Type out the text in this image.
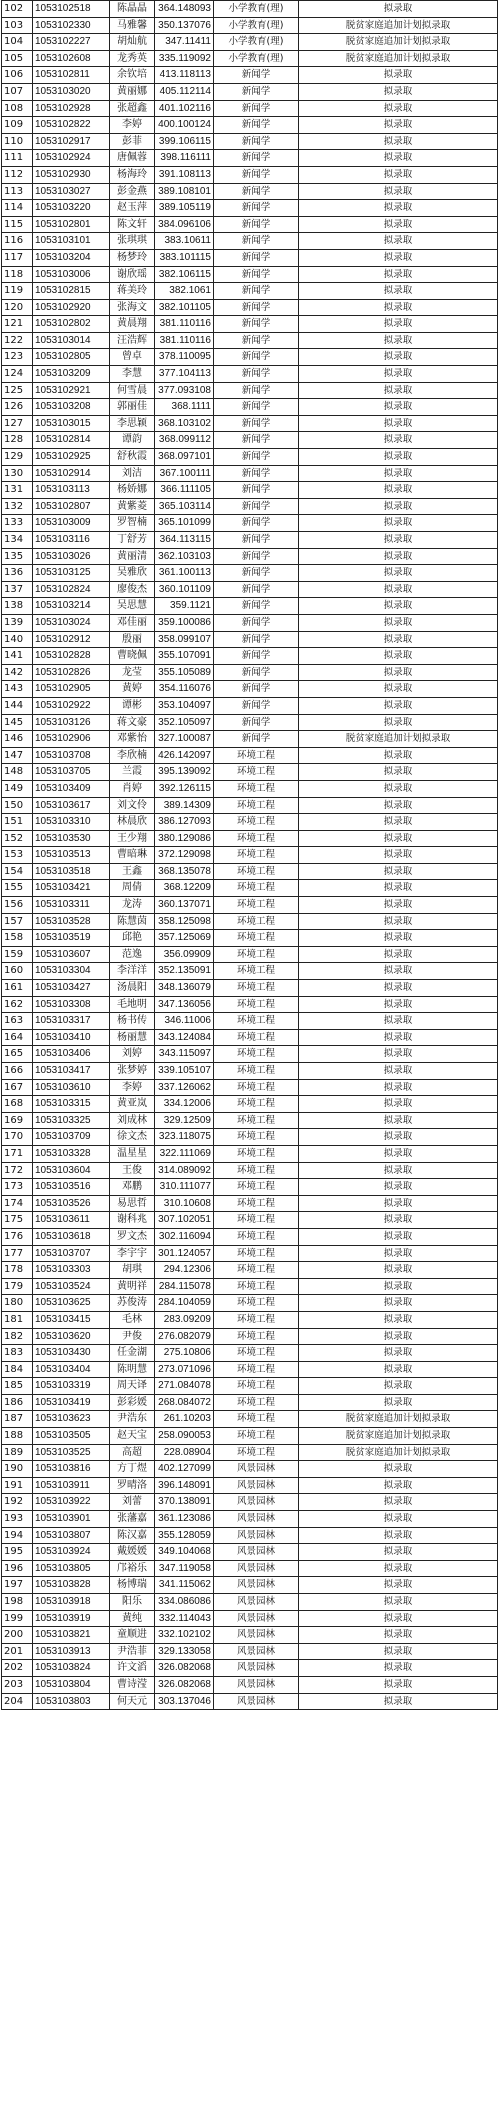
102	1053102518	陈晶晶	364.148093	小学教育(理)	拟录取
103	1053102330	马雅馨	350.137076	小学教育(理)	脱贫家庭追加计划拟录取
104	1053102227	胡灿航	347.11411	小学教育(理)	脱贫家庭追加计划拟录取
105	1053102608	龙秀英	335.119092	小学教育(理)	脱贫家庭追加计划拟录取
106	1053102811	余钦培	413.118113	新闻学	拟录取
107	1053103020	黄丽娜	405.112114	新闻学	拟录取
108	1053102928	张超鑫	401.102116	新闻学	拟录取
109	1053102822	李婷	400.100124	新闻学	拟录取
110	1053102917	彭菲	399.106115	新闻学	拟录取
111	1053102924	唐佩蓉	398.116111	新闻学	拟录取
112	1053102930	杨海玲	391.108113	新闻学	拟录取
113	1053103027	彭金燕	389.108101	新闻学	拟录取
114	1053103220	赵玉萍	389.105119	新闻学	拟录取
115	1053102801	陈文轩	384.096106	新闻学	拟录取
116	1053103101	张琪琪	383.10611	新闻学	拟录取
117	1053103204	杨梦玲	383.101115	新闻学	拟录取
118	1053103006	谢欣瑶	382.106115	新闻学	拟录取
119	1053102815	蒋美玲	382.1061	新闻学	拟录取
120	1053102920	张海文	382.101105	新闻学	拟录取
121	1053102802	黄晨翔	381.110116	新闻学	拟录取
122	1053103014	汪浩辉	381.110116	新闻学	拟录取
123	1053102805	曾卓	378.110095	新闻学	拟录取
124	1053103209	李慧	377.104113	新闻学	拟录取
125	1053102921	何雪晨	377.093108	新闻学	拟录取
126	1053103208	郭丽佳	368.1111	新闻学	拟录取
127	1053103015	李思颖	368.103102	新闻学	拟录取
128	1053102814	谭韵	368.099112	新闻学	拟录取
129	1053102925	舒秋霞	368.097101	新闻学	拟录取
130	1053102914	刘洁	367.100111	新闻学	拟录取
131	1053103113	杨娇娜	366.111105	新闻学	拟录取
132	1053102807	黄紫菱	365.103114	新闻学	拟录取
133	1053103009	罗智楠	365.101099	新闻学	拟录取
134	1053103116	丁舒芳	364.113115	新闻学	拟录取
135	1053103026	黄丽清	362.103103	新闻学	拟录取
136	1053103125	吴雅欣	361.100113	新闻学	拟录取
137	1053102824	廖俊杰	360.101109	新闻学	拟录取
138	1053103214	吴思慧	359.1121	新闻学	拟录取
139	1053103024	邓佳丽	359.100086	新闻学	拟录取
140	1053102912	殷丽	358.099107	新闻学	拟录取
141	1053102828	曹晓佩	355.107091	新闻学	拟录取
142	1053102826	龙莹	355.105089	新闻学	拟录取
143	1053102905	黄婷	354.116076	新闻学	拟录取
144	1053102922	谭彬	353.104097	新闻学	拟录取
145	1053103126	蒋文豪	352.105097	新闻学	拟录取
146	1053102906	邓紫怡	327.100087	新闻学	脱贫家庭追加计划拟录取
147	1053103708	李欣楠	426.142097	环境工程	拟录取
148	1053103705	兰霞	395.139092	环境工程	拟录取
149	1053103409	肖婷	392.126115	环境工程	拟录取
150	1053103617	刘文伶	389.14309	环境工程	拟录取
151	1053103310	林晨欣	386.127093	环境工程	拟录取
152	1053103530	王少翔	380.129086	环境工程	拟录取
153	1053103513	曹暗琳	372.129098	环境工程	拟录取
154	1053103518	王鑫	368.135078	环境工程	拟录取
155	1053103421	周倩	368.12209	环境工程	拟录取
156	1053103311	龙涛	360.137071	环境工程	拟录取
157	1053103528	陈慧茵	358.125098	环境工程	拟录取
158	1053103519	邱艳	357.125069	环境工程	拟录取
159	1053103607	范逸	356.09909	环境工程	拟录取
160	1053103304	李洋洋	352.135091	环境工程	拟录取
161	1053103427	汤晨阳	348.136079	环境工程	拟录取
162	1053103308	毛地明	347.136056	环境工程	拟录取
163	1053103317	杨书传	346.11006	环境工程	拟录取
164	1053103410	杨丽慧	343.124084	环境工程	拟录取
165	1053103406	刘婷	343.115097	环境工程	拟录取
166	1053103417	张梦婷	339.105107	环境工程	拟录取
167	1053103610	李婷	337.126062	环境工程	拟录取
168	1053103315	黄亚岚	334.12006	环境工程	拟录取
169	1053103325	刘成林	329.12509	环境工程	拟录取
170	1053103709	徐文杰	323.118075	环境工程	拟录取
171	1053103328	温星星	322.111069	环境工程	拟录取
172	1053103604	王俊	314.089092	环境工程	拟录取
173	1053103516	邓鹏	310.111077	环境工程	拟录取
174	1053103526	易思哲	310.10608	环境工程	拟录取
175	1053103611	谢科兆	307.102051	环境工程	拟录取
176	1053103618	罗文杰	302.116094	环境工程	拟录取
177	1053103707	李宇宇	301.124057	环境工程	拟录取
178	1053103303	胡琪	294.12306	环境工程	拟录取
179	1053103524	黄明祥	284.115078	环境工程	拟录取
180	1053103625	苏俊涛	284.104059	环境工程	拟录取
181	1053103415	毛林	283.09209	环境工程	拟录取
182	1053103620	尹俊	276.082079	环境工程	拟录取
183	1053103430	任金湖	275.10806	环境工程	拟录取
184	1053103404	陈明慧	273.071096	环境工程	拟录取
185	1053103319	周天译	271.084078	环境工程	拟录取
186	1053103419	彭彩媛	268.084072	环境工程	拟录取
187	1053103623	尹浩东	261.10203	环境工程	脱贫家庭追加计划拟录取
188	1053103505	赵天宝	258.090053	环境工程	脱贫家庭追加计划拟录取
189	1053103525	高超	228.08904	环境工程	脱贫家庭追加计划拟录取
190	1053103816	方丁煜	402.127099	风景园林	拟录取
191	1053103911	罗晴洛	396.148091	风景园林	拟录取
192	1053103922	刘蕾	370.138091	风景园林	拟录取
193	1053103901	张藩嘉	361.123086	风景园林	拟录取
194	1053103807	陈汉嘉	355.128059	风景园林	拟录取
195	1053103924	戴媛媛	349.104068	风景园林	拟录取
196	1053103805	邝裕乐	347.119058	风景园林	拟录取
197	1053103828	杨博瑞	341.115062	风景园林	拟录取
198	1053103918	阳乐	334.086086	风景园林	拟录取
199	1053103919	黄纯	332.114043	风景园林	拟录取
200	1053103821	童顺进	332.102102	风景园林	拟录取
201	1053103913	尹浩菲	329.133058	风景园林	拟录取
202	1053103824	许文滔	326.082068	风景园林	拟录取
203	1053103804	曹诗滢	326.082068	风景园林	拟录取
204	1053103803	何天元	303.137046	风景园林	拟录取
